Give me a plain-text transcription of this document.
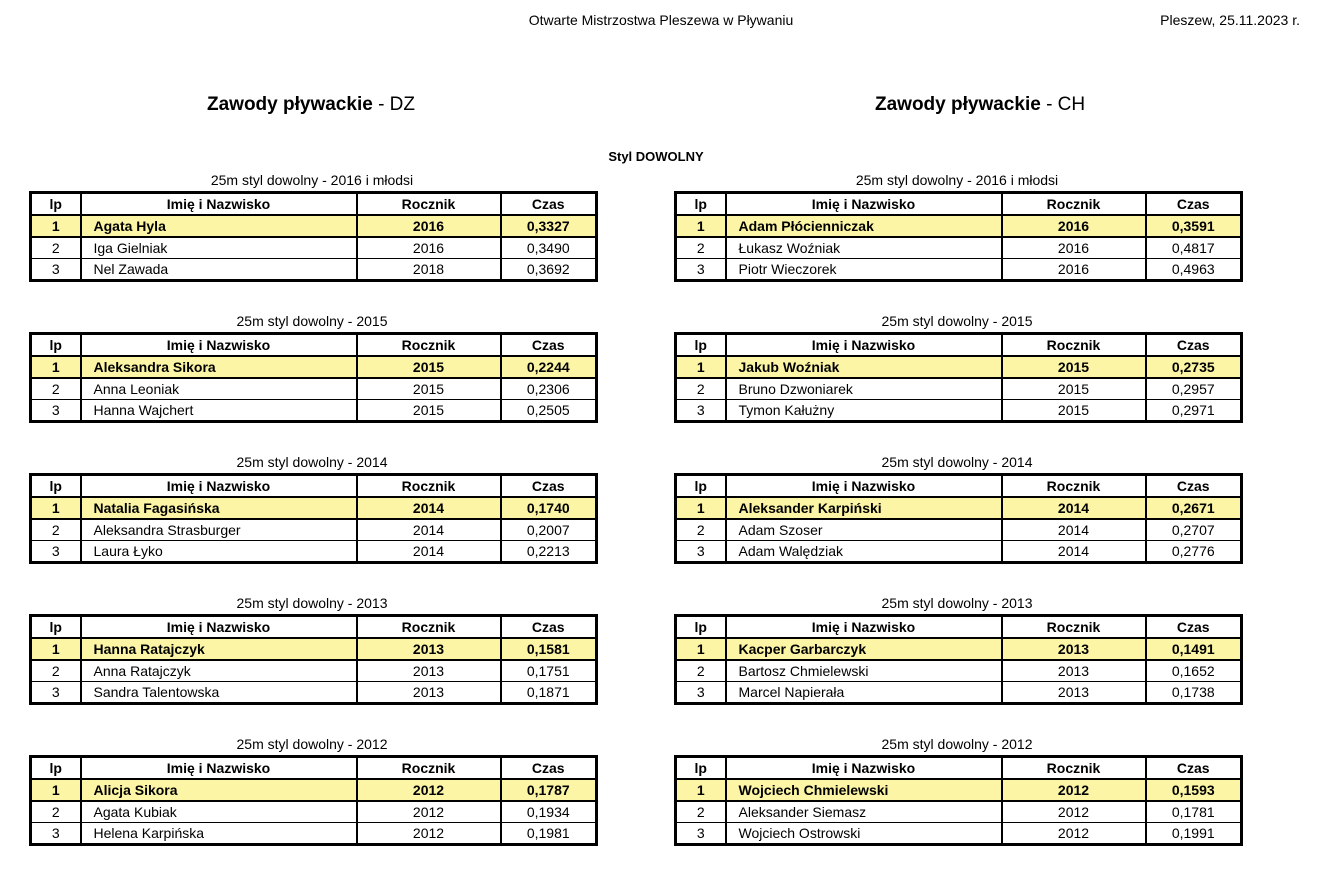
Otwarte Mistrzostwa Pleszewa w Pływaniu	Pleszew, 25.11.2023 r.
Zawody pływackie - DZ	Zawody pływackie - CH
Styl DOWOLNY
25m styl dowolny - 2016 i młodsi
lp	Imię i Nazwisko	Rocznik	Czas
1	Agata Hyla	2016	0,3327
2	Iga Gielniak	2016	0,3490
3	Nel Zawada	2018	0,3692
25m styl dowolny - 2016 i młodsi
lp	Imię i Nazwisko	Rocznik	Czas
1	Adam Płócienniczak	2016	0,3591
2	Łukasz Woźniak	2016	0,4817
3	Piotr Wieczorek	2016	0,4963
25m styl dowolny - 2015
lp	Imię i Nazwisko	Rocznik	Czas
1	Aleksandra Sikora	2015	0,2244
2	Anna Leoniak	2015	0,2306
3	Hanna Wajchert	2015	0,2505
25m styl dowolny - 2015
lp	Imię i Nazwisko	Rocznik	Czas
1	Jakub Woźniak	2015	0,2735
2	Bruno Dzwoniarek	2015	0,2957
3	Tymon Kałużny	2015	0,2971
25m styl dowolny - 2014
lp	Imię i Nazwisko	Rocznik	Czas
1	Natalia Fagasińska	2014	0,1740
2	Aleksandra Strasburger	2014	0,2007
3	Laura Łyko	2014	0,2213
25m styl dowolny - 2014
lp	Imię i Nazwisko	Rocznik	Czas
1	Aleksander Karpiński	2014	0,2671
2	Adam Szoser	2014	0,2707
3	Adam Walędziak	2014	0,2776
25m styl dowolny - 2013
lp	Imię i Nazwisko	Rocznik	Czas
1	Hanna Ratajczyk	2013	0,1581
2	Anna Ratajczyk	2013	0,1751
3	Sandra Talentowska	2013	0,1871
25m styl dowolny - 2013
lp	Imię i Nazwisko	Rocznik	Czas
1	Kacper Garbarczyk	2013	0,1491
2	Bartosz Chmielewski	2013	0,1652
3	Marcel Napierała	2013	0,1738
25m styl dowolny - 2012
lp	Imię i Nazwisko	Rocznik	Czas
1	Alicja Sikora	2012	0,1787
2	Agata Kubiak	2012	0,1934
3	Helena Karpińska	2012	0,1981
25m styl dowolny - 2012
lp	Imię i Nazwisko	Rocznik	Czas
1	Wojciech Chmielewski	2012	0,1593
2	Aleksander Siemasz	2012	0,1781
3	Wojciech Ostrowski	2012	0,1991
